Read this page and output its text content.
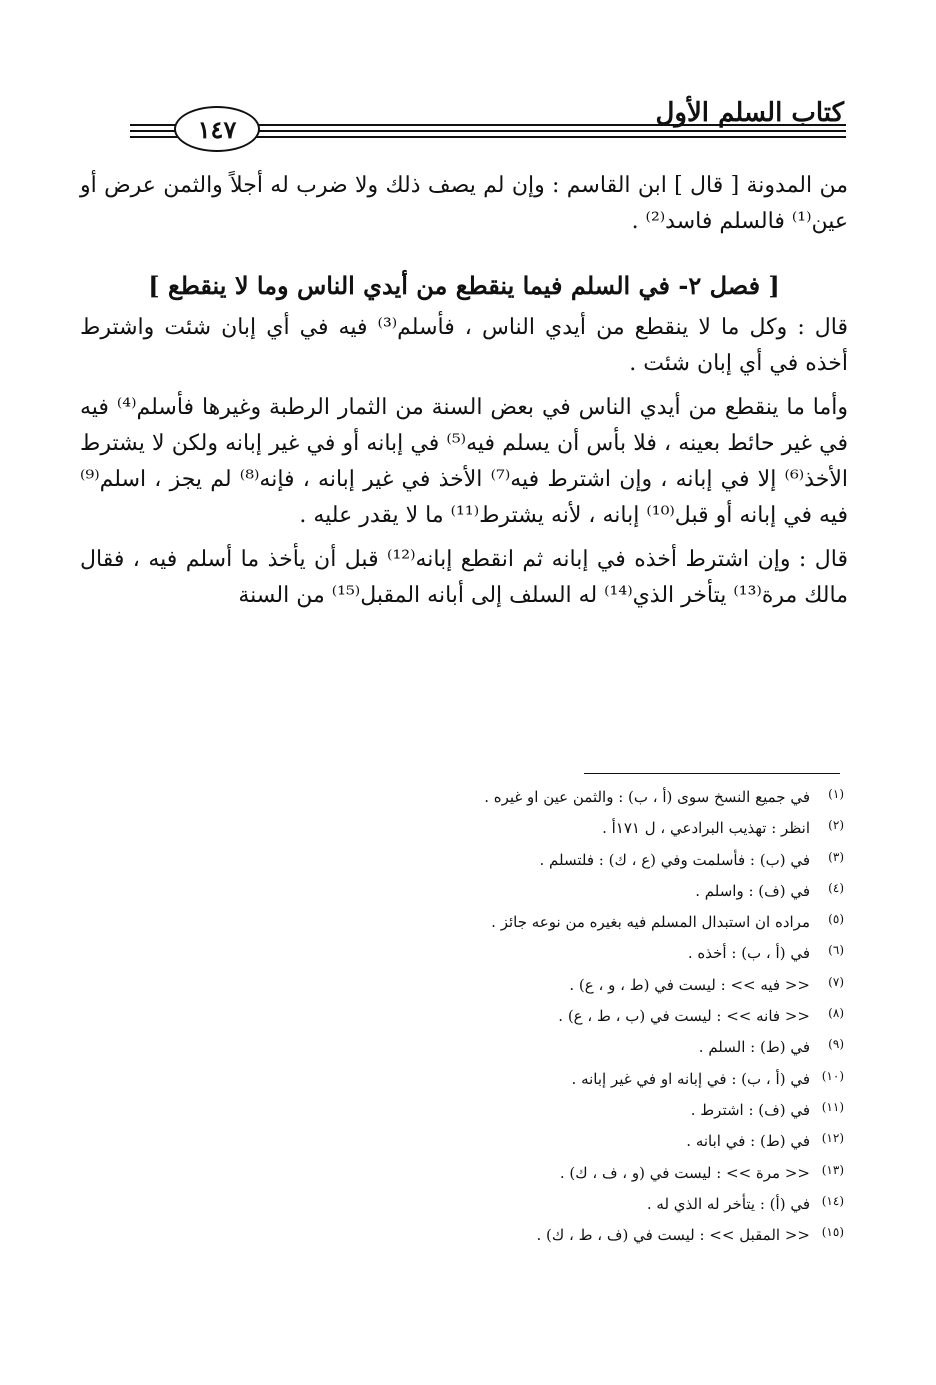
كتاب السلم الأول
١٤٧

من المدونة [ قال ] ابن القاسم : وإن لم يصف ذلك ولا ضرب له أجلاً والثمن عرض أو عين⁽¹⁾ فالسلم فاسد⁽²⁾ .

[ فصل ٢- في السلم فيما ينقطع من أيدي الناس وما لا ينقطع ]

قال : وكل ما لا ينقطع من أيدي الناس ، فأسلم⁽³⁾ فيه في أي إبان شئت واشترط أخذه في أي إبان شئت .

وأما ما ينقطع من أيدي الناس في بعض السنة من الثمار الرطبة وغيرها فأسلم⁽⁴⁾ فيه في غير حائط بعينه ، فلا بأس أن يسلم فيه⁽⁵⁾ في إبانه أو في غير إبانه ولكن لا يشترط الأخذ⁽⁶⁾ إلا في إبانه ، وإن اشترط فيه⁽⁷⁾ الأخذ في غير إبانه ، فإنه⁽⁸⁾ لم يجز ، اسلم⁽⁹⁾ فيه في إبانه أو قبل⁽¹⁰⁾ إبانه ، لأنه يشترط⁽¹¹⁾ ما لا يقدر عليه .

قال : وإن اشترط أخذه في إبانه ثم انقطع إبانه⁽¹²⁾ قبل أن يأخذ ما أسلم فيه ، فقال مالك مرة⁽¹³⁾ يتأخر الذي⁽¹⁴⁾ له السلف إلى أبانه المقبل⁽¹⁵⁾ من السنة

(١)في جميع النسخ سوى (أ ، ب) : والثمن عين او غيره .
(٢)انظر : تهذيب البرادعي ، ل ١٧١أ .
(٣)في (ب) : فأسلمت وفي (ع ، ك) : فلتسلم .
(٤)في (ف) : واسلم .
(٥)مراده ان استبدال المسلم فيه بغيره من نوعه جائز .
(٦)في (أ ، ب) : أخذه .
(٧)<< فيه >> : ليست في (ط ، و ، ع) .
(٨)<< فانه >> : ليست في (ب ، ط ، ع) .
(٩)في (ط) : السلم .
(١٠)في (أ ، ب) : في إبانه او في غير إبانه .
(١١)في (ف) : اشترط .
(١٢)في (ط) : في ابانه .
(١٣)<< مرة >> : ليست في (و ، ف ، ك) .
(١٤)في (أ) : يتأخر له الذي له .
(١٥)<< المقبل >> : ليست في (ف ، ط ، ك) .
